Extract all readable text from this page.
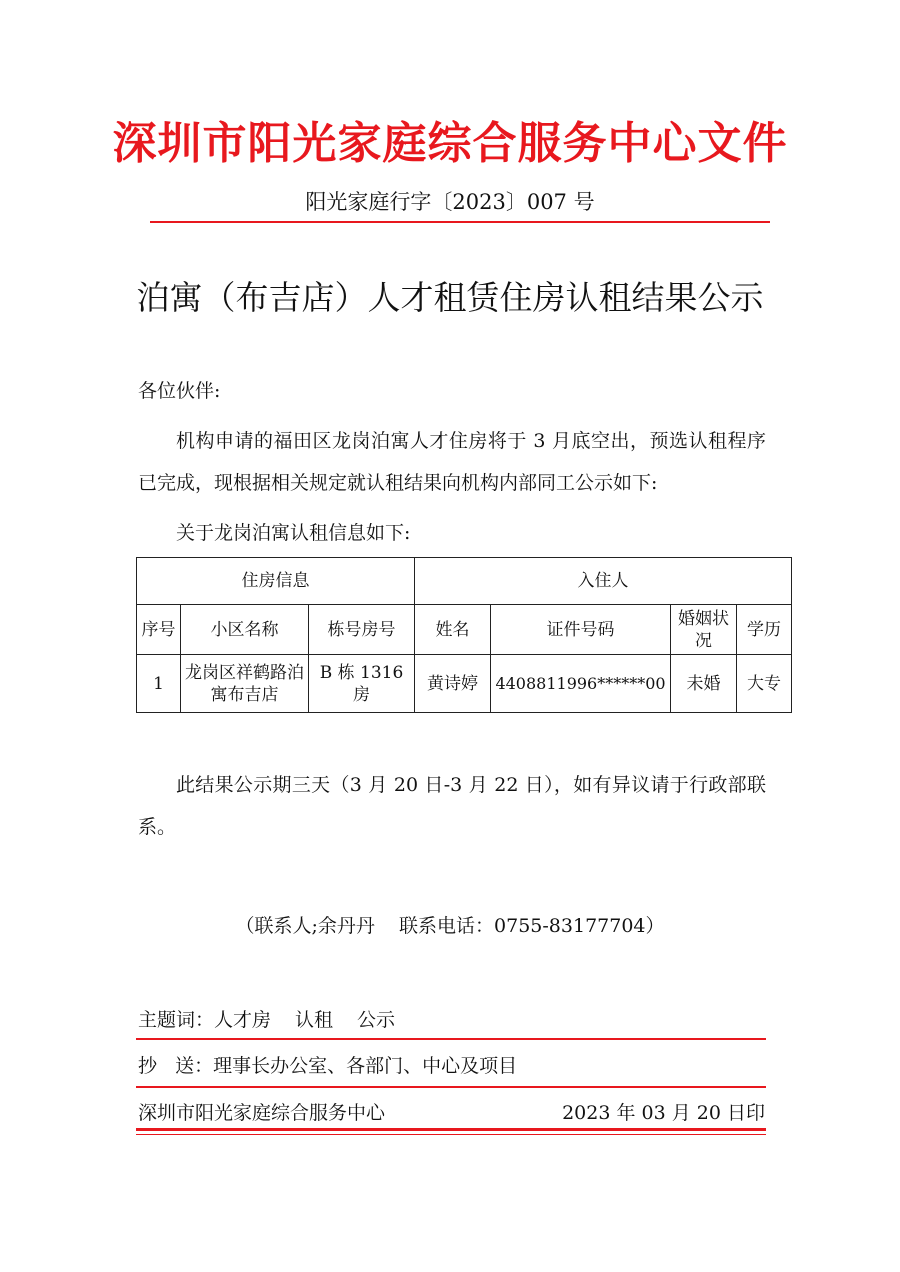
深圳市阳光家庭综合服务中心文件
阳光家庭行字〔2023〕007 号
泊寓（布吉店）人才租赁住房认租结果公示
各位伙伴:
机构申请的福田区龙岗泊寓人才住房将于 3 月底空出，预选认租程序已完成，现根据相关规定就认租结果向机构内部同工公示如下:
关于龙岗泊寓认租信息如下:
住房信息			入住人			
序号	小区名称	栋号房号	姓名	证件号码	婚姻状况	学历
1	龙岗区祥鹤路泊寓布吉店	B 栋 1316 房	黄诗婷	4408811996******00	未婚	大专
此结果公示期三天（3 月 20 日-3 月 22 日），如有异议请于行政部联系。
（联系人;余丹丹    联系电话：0755-83177704）
主题词： 人才房 认租 公示
抄   送： 理事长办公室、各部门、中心及项目
深圳市阳光家庭综合服务中心	2023 年 03 月 20 日印
